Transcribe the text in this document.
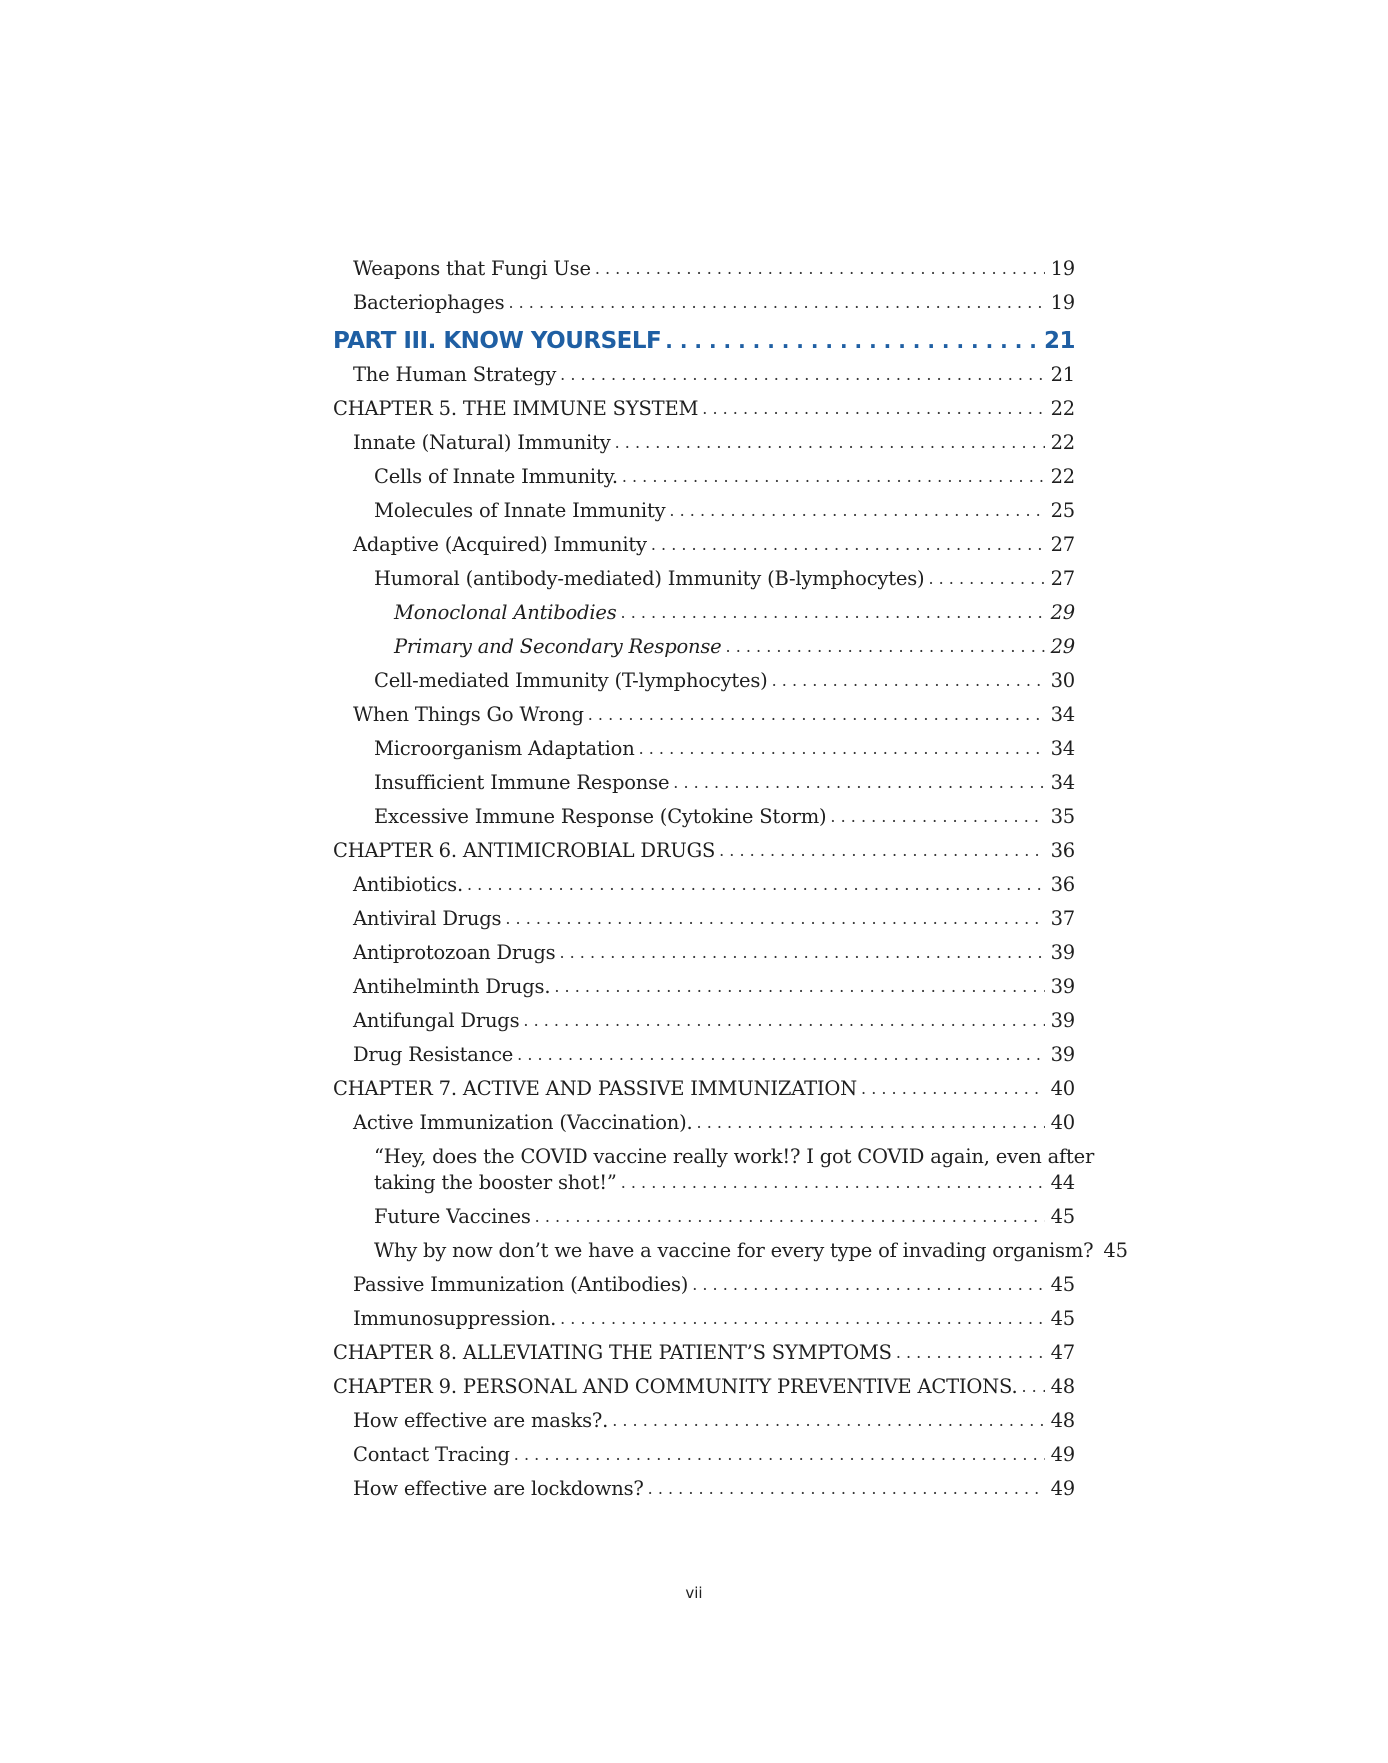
Weapons that Fungi Use . . .	19
Bacteriophages . . .	19
PART III. KNOW YOURSELF . . .	21
The Human Strategy . . .	21
CHAPTER 5. THE IMMUNE SYSTEM . . .	22
Innate (Natural) Immunity . . .	22
Cells of Innate Immunity. . . .	22
Molecules of Innate Immunity . . .	25
Adaptive (Acquired) Immunity . . .	27
Humoral (antibody-mediated) Immunity (B-lymphocytes) . . .	27
Monoclonal Antibodies . . .	29
Primary and Secondary Response . . .	29
Cell-mediated Immunity (T-lymphocytes) . . .	30
When Things Go Wrong . . .	34
Microorganism Adaptation . . .	34
Insufficient Immune Response . . .	34
Excessive Immune Response (Cytokine Storm) . . .	35
CHAPTER 6. ANTIMICROBIAL DRUGS . . .	36
Antibiotics. . . .	36
Antiviral Drugs . . .	37
Antiprotozoan Drugs . . .	39
Antihelminth Drugs. . . .	39
Antifungal Drugs . . .	39
Drug Resistance . . .	39
CHAPTER 7. ACTIVE AND PASSIVE IMMUNIZATION . . .	40
Active Immunization (Vaccination). . . .	40
“Hey, does the COVID vaccine really work!? I got COVID again, even after
taking the booster shot!” . . .	44
Future Vaccines . . .	45
Why by now don’t we have a vaccine for every type of invading organism? 45
Passive Immunization (Antibodies) . . .	45
Immunosuppression. . . .	45
CHAPTER 8. ALLEVIATING THE PATIENT’S SYMPTOMS . . .	47
CHAPTER 9. PERSONAL AND COMMUNITY PREVENTIVE ACTIONS. . . . 48
How effective are masks?. . . .	48
Contact Tracing . . .	49
How effective are lockdowns? . . .	49
vii
